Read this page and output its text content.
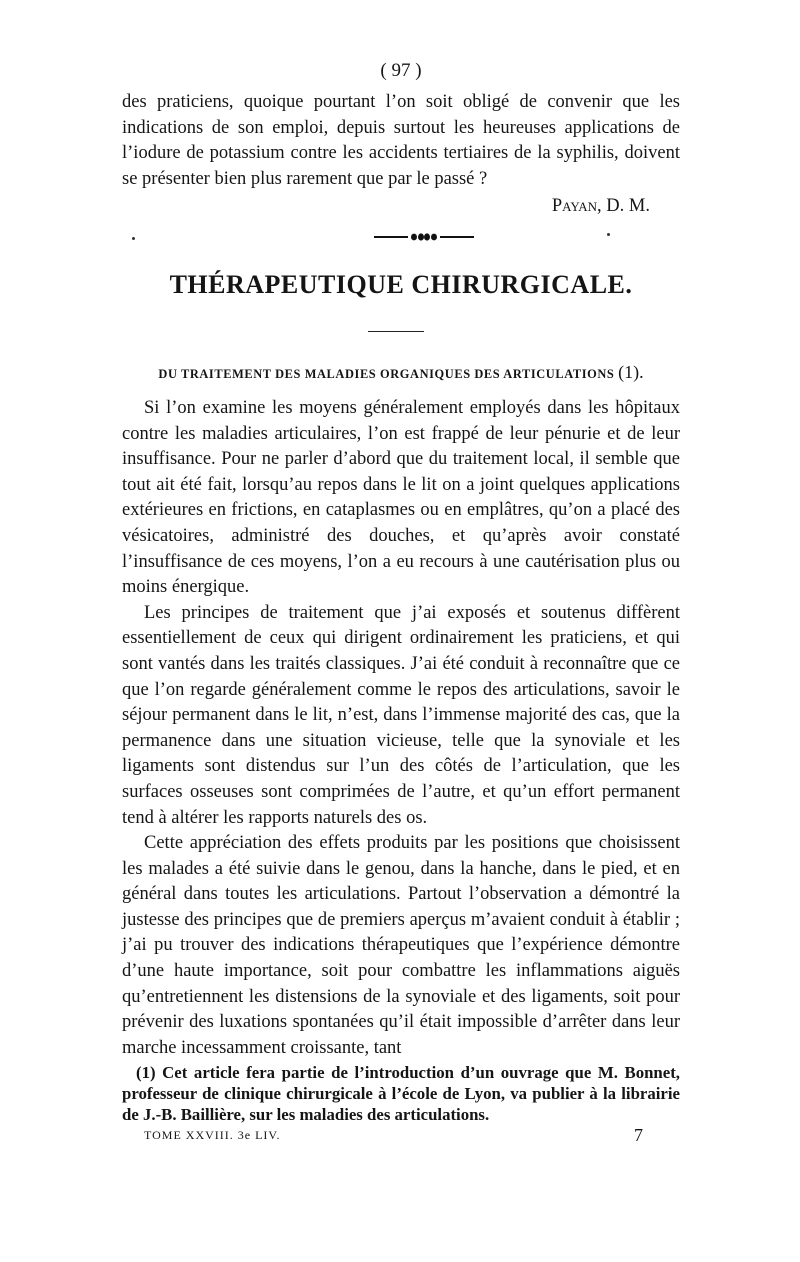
( 97 )

des praticiens, quoique pourtant l’on soit obligé de convenir que les indications de son emploi, depuis surtout les heureuses applications de l’iodure de potassium contre les accidents tertiaires de la syphilis, doivent se présenter bien plus rarement que par le passé ?

Payan, D. M.
THÉRAPEUTIQUE CHIRURGICALE.
DU TRAITEMENT DES MALADIES ORGANIQUES DES ARTICULATIONS (1).

Si l’on examine les moyens généralement employés dans les hôpitaux contre les maladies articulaires, l’on est frappé de leur pénurie et de leur insuffisance. Pour ne parler d’abord que du traitement local, il semble que tout ait été fait, lorsqu’au repos dans le lit on a joint quelques applications extérieures en frictions, en cataplasmes ou en emplâtres, qu’on a placé des vésicatoires, administré des douches, et qu’après avoir constaté l’insuffisance de ces moyens, l’on a eu recours à une cautérisation plus ou moins énergique.

Les principes de traitement que j’ai exposés et soutenus diffèrent essentiellement de ceux qui dirigent ordinairement les praticiens, et qui sont vantés dans les traités classiques. J’ai été conduit à reconnaître que ce que l’on regarde généralement comme le repos des articulations, savoir le séjour permanent dans le lit, n’est, dans l’immense majorité des cas, que la permanence dans une situation vicieuse, telle que la synoviale et les ligaments sont distendus sur l’un des côtés de l’articulation, que les surfaces osseuses sont comprimées de l’autre, et qu’un effort permanent tend à altérer les rapports naturels des os.

Cette appréciation des effets produits par les positions que choisissent les malades a été suivie dans le genou, dans la hanche, dans le pied, et en général dans toutes les articulations. Partout l’observation a démontré la justesse des principes que de premiers aperçus m’avaient conduit à établir ; j’ai pu trouver des indications thérapeutiques que l’expérience démontre d’une haute importance, soit pour combattre les inflammations aiguës qu’entretiennent les distensions de la synoviale et des ligaments, soit pour prévenir des luxations spontanées qu’il était impossible d’arrêter dans leur marche incessamment croissante, tant

(1) Cet article fera partie de l’introduction d’un ouvrage que M. Bonnet, professeur de clinique chirurgicale à l’école de Lyon, va publier à la librairie de J.-B. Baillière, sur les maladies des articulations.

TOME XXVIII. 3e LIV.	7
